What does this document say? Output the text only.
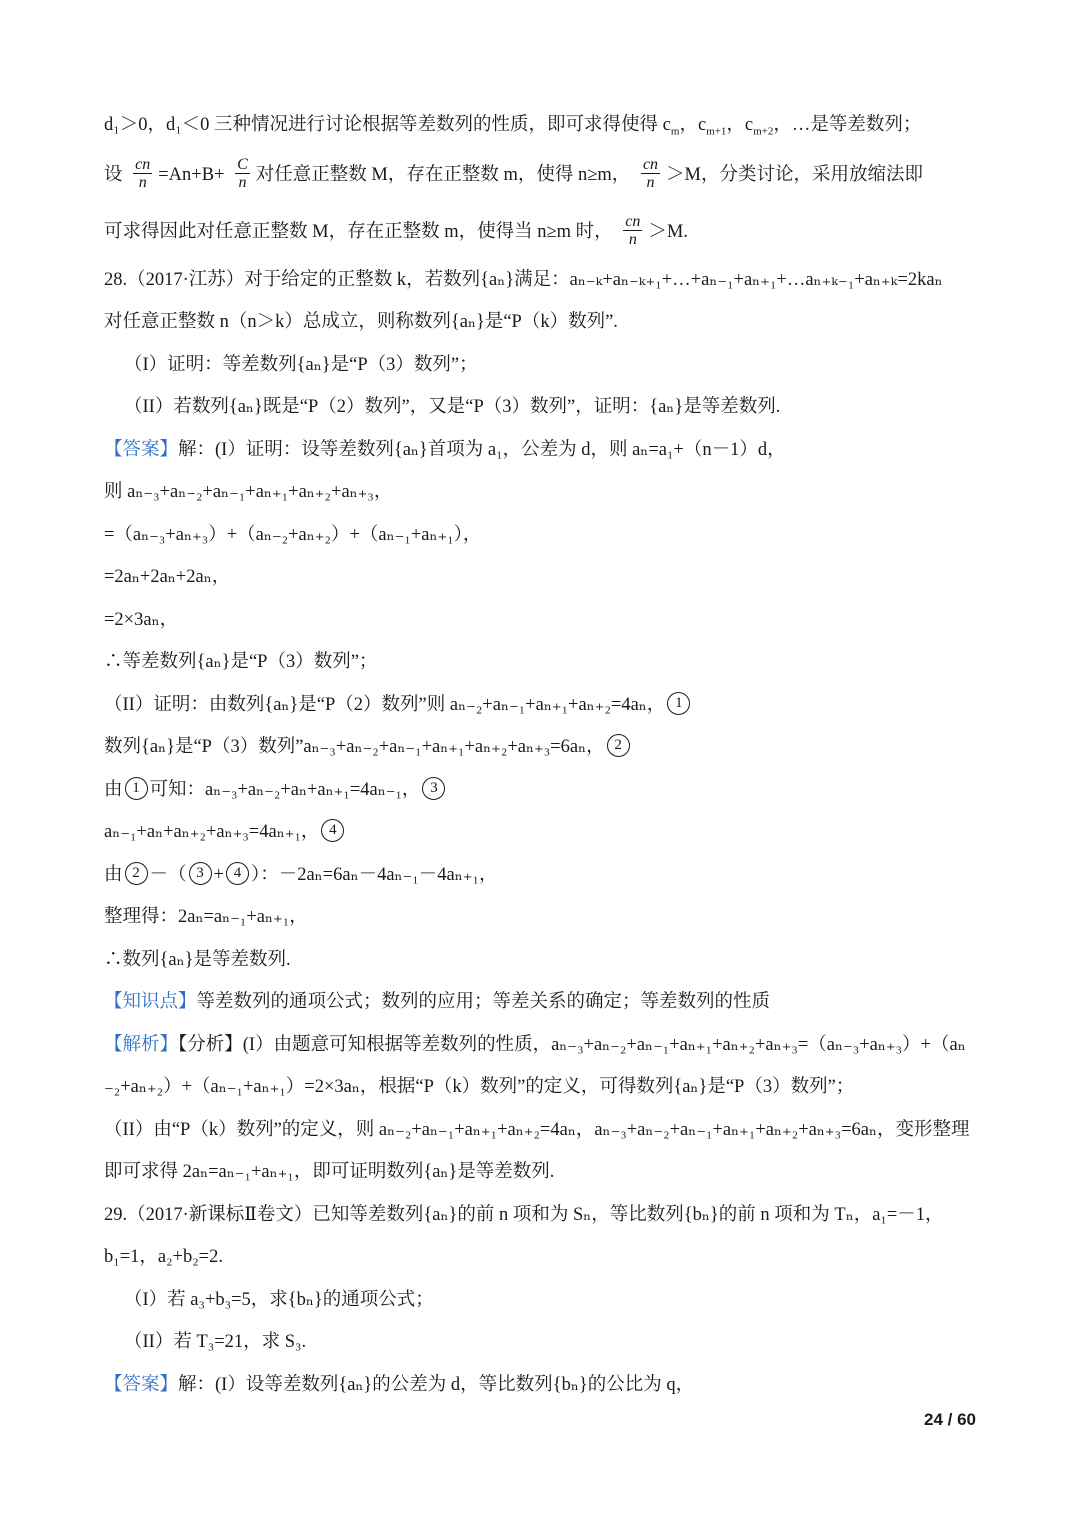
d₁＞0，d₁＜0 三种情况进行讨论根据等差数列的性质，即可求得使得 $c_m$，$c_{m+1}$，$c_{m+2}$，…是等差数列；
设 $\frac{cn}{n} =An+B+ \frac{C}{n}$ 对任意正整数 M，存在正整数 m，使得 n≥m， $\frac{cn}{n} >M$，分类讨论，采用放缩法即
可求得因此对任意正整数 M，存在正整数 m，使得当 n≥m 时， $\frac{cn}{n} >M$.
28.（2017·江苏）对于给定的正整数 k，若数列{aₙ}满足：aₙ₋ₖ+aₙ₋ₖ₊₁+…+aₙ₋₁+aₙ₊₁+…aₙ₊ₖ₋₁+aₙ₊ₖ=2kaₙ
对任意正整数 n（n＞k）总成立，则称数列{aₙ}是“P（k）数列”.
（I）证明：等差数列{aₙ}是“P（3）数列”；
（II）若数列{aₙ}既是“P（2）数列”，又是“P（3）数列”，证明：{aₙ}是等差数列.
【答案】解：(I）证明：设等差数列{aₙ}首项为 a₁，公差为 d，则 aₙ=a₁+（n－1）d，
则 aₙ₋₃+aₙ₋₂+aₙ₋₁+aₙ₊₁+aₙ₊₂+aₙ₊₃，
=（aₙ₋₃+aₙ₊₃）+（aₙ₋₂+aₙ₊₂）+（aₙ₋₁+aₙ₊₁），
=2aₙ+2aₙ+2aₙ，
=2×3aₙ，
∴等差数列{aₙ}是“P（3）数列”；
（II）证明：由数列{aₙ}是“P（2）数列”则 aₙ₋₂+aₙ₋₁+aₙ₊₁+aₙ₊₂=4aₙ， 1
数列{aₙ}是“P（3）数列”aₙ₋₃+aₙ₋₂+aₙ₋₁+aₙ₊₁+aₙ₊₂+aₙ₊₃=6aₙ， 2
由 1 可知：aₙ₋₃+aₙ₋₂+aₙ+aₙ₊₁=4aₙ₋₁， 3
aₙ₋₁+aₙ+aₙ₊₂+aₙ₊₃=4aₙ₊₁， 4
由 2 －（ 3 + 4 ）：－2aₙ=6aₙ－4aₙ₋₁－4aₙ₊₁，
整理得：2aₙ=aₙ₋₁+aₙ₊₁，
∴数列{aₙ}是等差数列.
【知识点】等差数列的通项公式；数列的应用；等差关系的确定；等差数列的性质
【解析】【分析】(I）由题意可知根据等差数列的性质，aₙ₋₃+aₙ₋₂+aₙ₋₁+aₙ₊₁+aₙ₊₂+aₙ₊₃=（aₙ₋₃+aₙ₊₃）+（aₙ
₋₂+aₙ₊₂）+（aₙ₋₁+aₙ₊₁）=2×3aₙ，根据“P（k）数列”的定义，可得数列{aₙ}是“P（3）数列”；
（II）由“P（k）数列”的定义，则 aₙ₋₂+aₙ₋₁+aₙ₊₁+aₙ₊₂=4aₙ，aₙ₋₃+aₙ₋₂+aₙ₋₁+aₙ₊₁+aₙ₊₂+aₙ₊₃=6aₙ，变形整理
即可求得 2aₙ=aₙ₋₁+aₙ₊₁，即可证明数列{aₙ}是等差数列.
29.（2017·新课标Ⅱ卷文）已知等差数列{aₙ}的前 n 项和为 Sₙ，等比数列{bₙ}的前 n 项和为 Tₙ，a₁=－1，
b₁=1，a₂+b₂=2.
（I）若 a₃+b₃=5，求{bₙ}的通项公式；
（II）若 T₃=21，求 S₃.
【答案】解：(I）设等差数列{aₙ}的公差为 d，等比数列{bₙ}的公比为 q，
24 / 60
